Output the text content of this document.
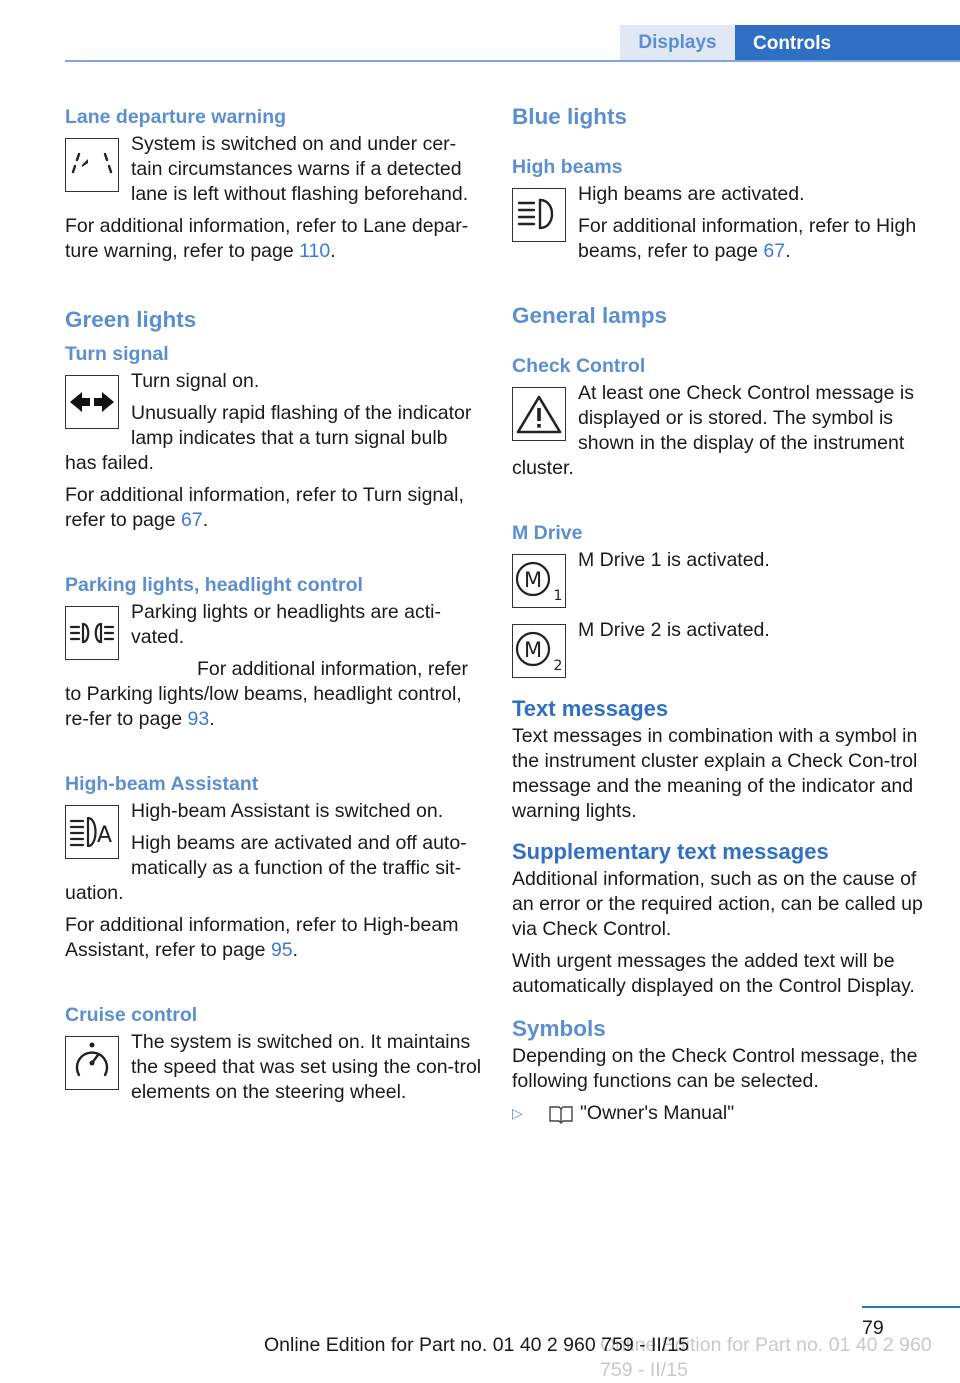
Displays	Controls
Lane departure warning

System is switched on and under cer‐tain circumstances warns if a detected lane is left without flashing beforehand.

For additional information, refer to Lane depar‐ture warning, refer to page 110.

Green lights
Turn signal

Turn signal on.

Unusually rapid flashing of the indicator lamp indicates that a turn signal bulb has failed.

For additional information, refer to Turn signal, refer to page 67.

Parking lights, headlight control

Parking lights or headlights are acti‐vated.

For additional information, refer to Parking lights/low beams, headlight control, re‐fer to page 93.

High-beam Assistant
A

High-beam Assistant is switched on.

High beams are activated and off auto‐matically as a function of the traffic sit‐uation.

For additional information, refer to High-beam Assistant, refer to page 95.

Cruise control

The system is switched on. It maintains the speed that was set using the con‐trol elements on the steering wheel.

Blue lights
High beams

High beams are activated.

For additional information, refer to High beams, refer to page 67.

General lamps
Check Control

At least one Check Control message is displayed or is stored. The symbol is shown in the display of the instrument cluster.

M Drive
M
1

M Drive 1 is activated.

M
2

M Drive 2 is activated.

Text messages

Text messages in combination with a symbol in the instrument cluster explain a Check Con‐trol message and the meaning of the indicator and warning lights.

Supplementary text messages

Additional information, such as on the cause of an error or the required action, can be called up via Check Control.

With urgent messages the added text will be automatically displayed on the Control Display.

Symbols

Depending on the Check Control message, the following functions can be selected.

▷	"Owner's Manual"
79
Online Edition for Part no. 01 40 2 960 759 - II/15
Online Edition for Part no. 01 40 2 960 759 - II/15
